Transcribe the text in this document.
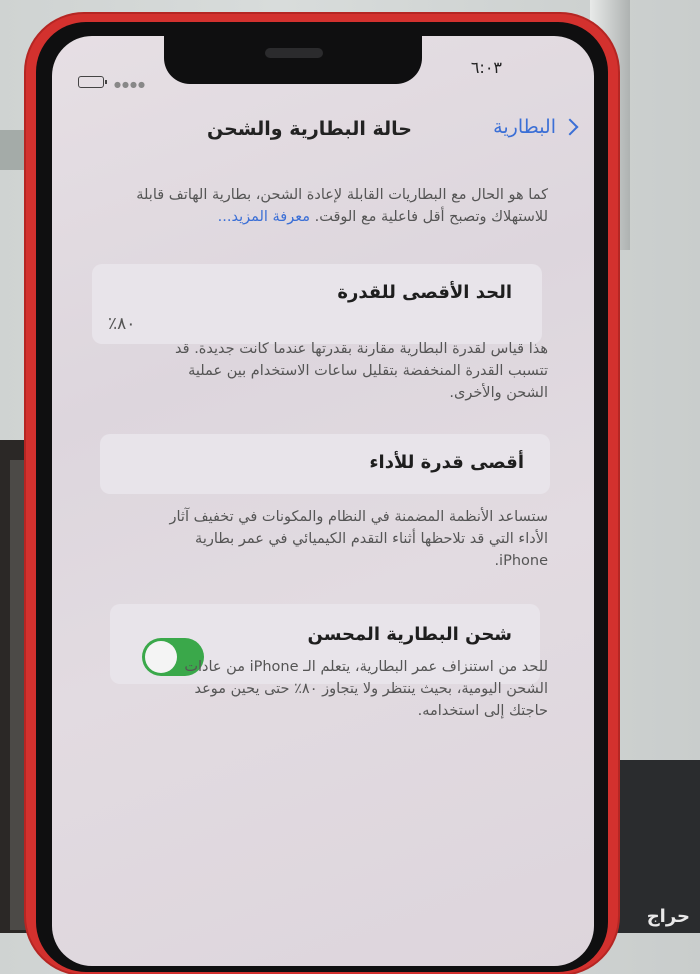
●●●●
٦:٠٣
البطارية
حالة البطارية والشحن
كما هو الحال مع البطاريات القابلة لإعادة الشحن، بطارية الهاتف قابلة للاستهلاك وتصبح أقل فاعلية مع الوقت. معرفة المزيد...
الحد الأقصى للقدرة
٨٠٪
هذا قياس لقدرة البطارية مقارنة بقدرتها عندما كانت جديدة. قد تتسبب القدرة المنخفضة بتقليل ساعات الاستخدام بين عملية الشحن والأخرى.
أقصى قدرة للأداء
ستساعد الأنظمة المضمنة في النظام والمكونات في تخفيف آثار الأداء التي قد تلاحظها أثناء التقدم الكيميائي في عمر بطارية iPhone.
شحن البطارية المحسن
للحد من استنزاف عمر البطارية، يتعلم الـ iPhone من عادات الشحن اليومية، بحيث ينتظر ولا يتجاوز ٨٠٪ حتى يحين موعد حاجتك إلى استخدامه.
حراج
